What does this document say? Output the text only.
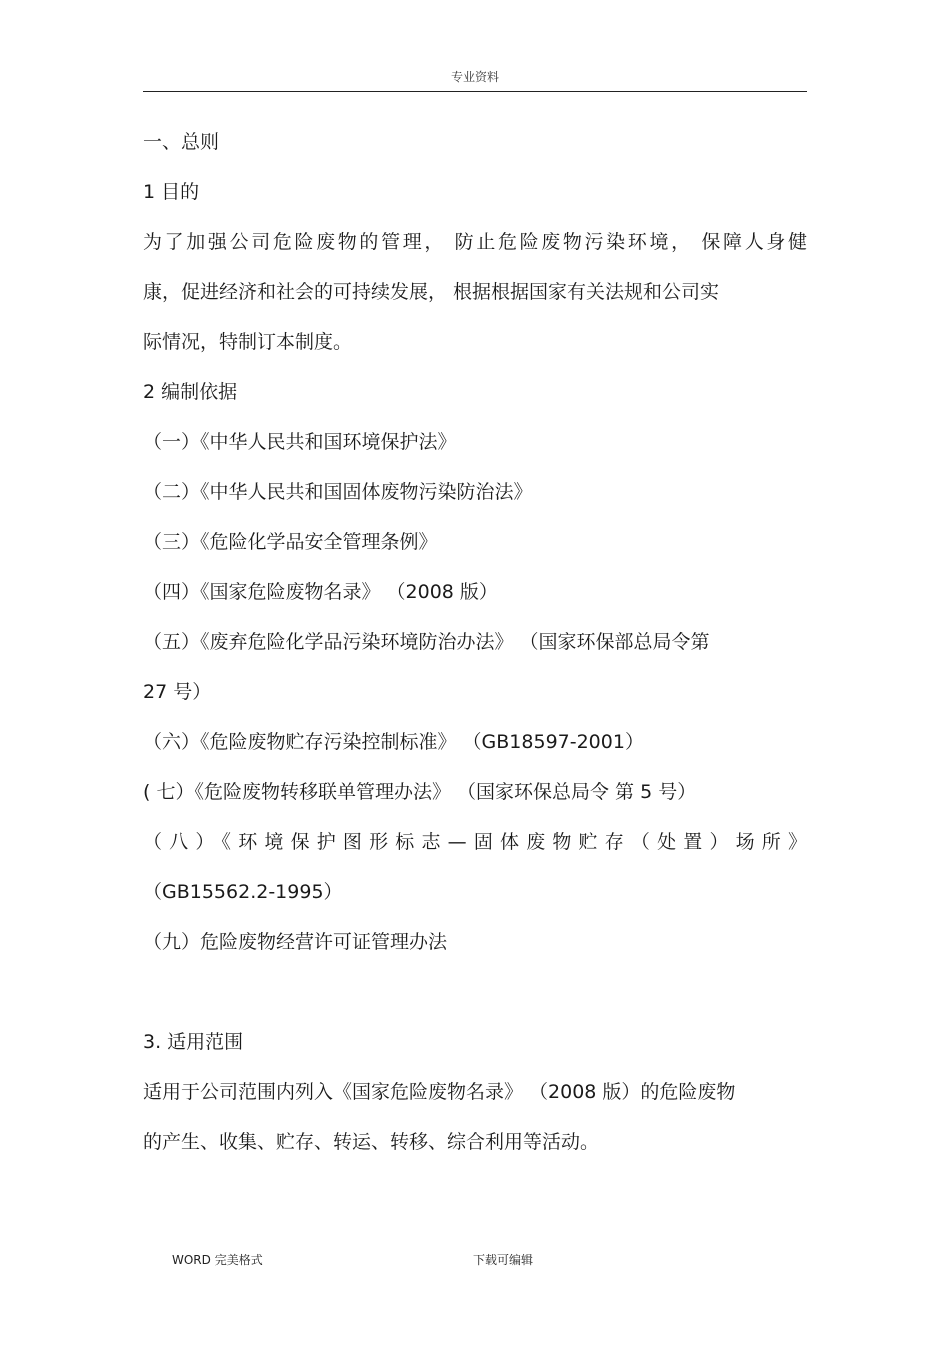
专业资料
一、总则
1 目的
为了加强公司危险废物的管理， 防止危险废物污染环境， 保障人身健
康，促进经济和社会的可持续发展， 根据根据国家有关法规和公司实
际情况，特制订本制度。
2 编制依据
（一）《中华人民共和国环境保护法》
（二）《中华人民共和国固体废物污染防治法》
（三）《危险化学品安全管理条例》
（四）《国家危险废物名录》 （2008 版）
（五）《废弃危险化学品污染环境防治办法》 （国家环保部总局令第
27 号）
（六）《危险废物贮存污染控制标准》 （GB18597-2001）
( 七）《危险废物转移联单管理办法》 （国家环保总局令 第 5 号）
（八）《环境保护图形标志—固体废物贮存（处置）场所》
（GB15562.2-1995）
（九）危险废物经营许可证管理办法
3. 适用范围
适用于公司范围内列入《国家危险废物名录》 （2008 版）的危险废物
的产生、收集、贮存、转运、转移、综合利用等活动。
WORD 完美格式	下载可编辑
